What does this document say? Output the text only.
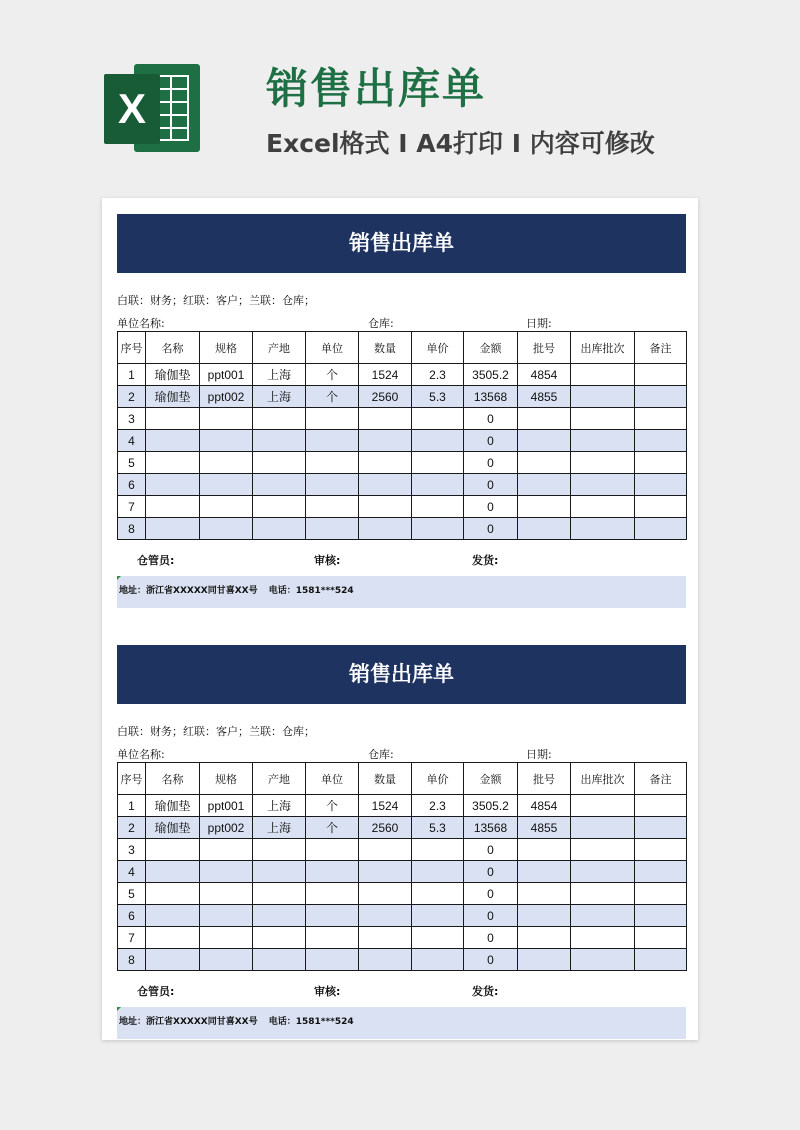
X	销售出库单
Excel格式 I A4打印 I 内容可修改
销售出库单
白联：财务；红联：客户；兰联：仓库；
单位名称:	仓库:	日期:
序号	名称	规格	产地	单位	数量	单价	金额	批号	出库批次	备注
1	瑜伽垫	ppt001	上海	个	1524	2.3	3505.2	4854		
2	瑜伽垫	ppt002	上海	个	2560	5.3	13568	4855		
3							0			
4							0			
5							0			
6							0			
7							0			
8							0			
仓管员:	审核:	发货:
地址：浙江省XXXXX同甘喜XX号 电话：1581***524
销售出库单
白联：财务；红联：客户；兰联：仓库；
单位名称:	仓库:	日期:
序号	名称	规格	产地	单位	数量	单价	金额	批号	出库批次	备注
1	瑜伽垫	ppt001	上海	个	1524	2.3	3505.2	4854		
2	瑜伽垫	ppt002	上海	个	2560	5.3	13568	4855		
3							0			
4							0			
5							0			
6							0			
7							0			
8							0			
仓管员:	审核:	发货:
地址：浙江省XXXXX同甘喜XX号 电话：1581***524
